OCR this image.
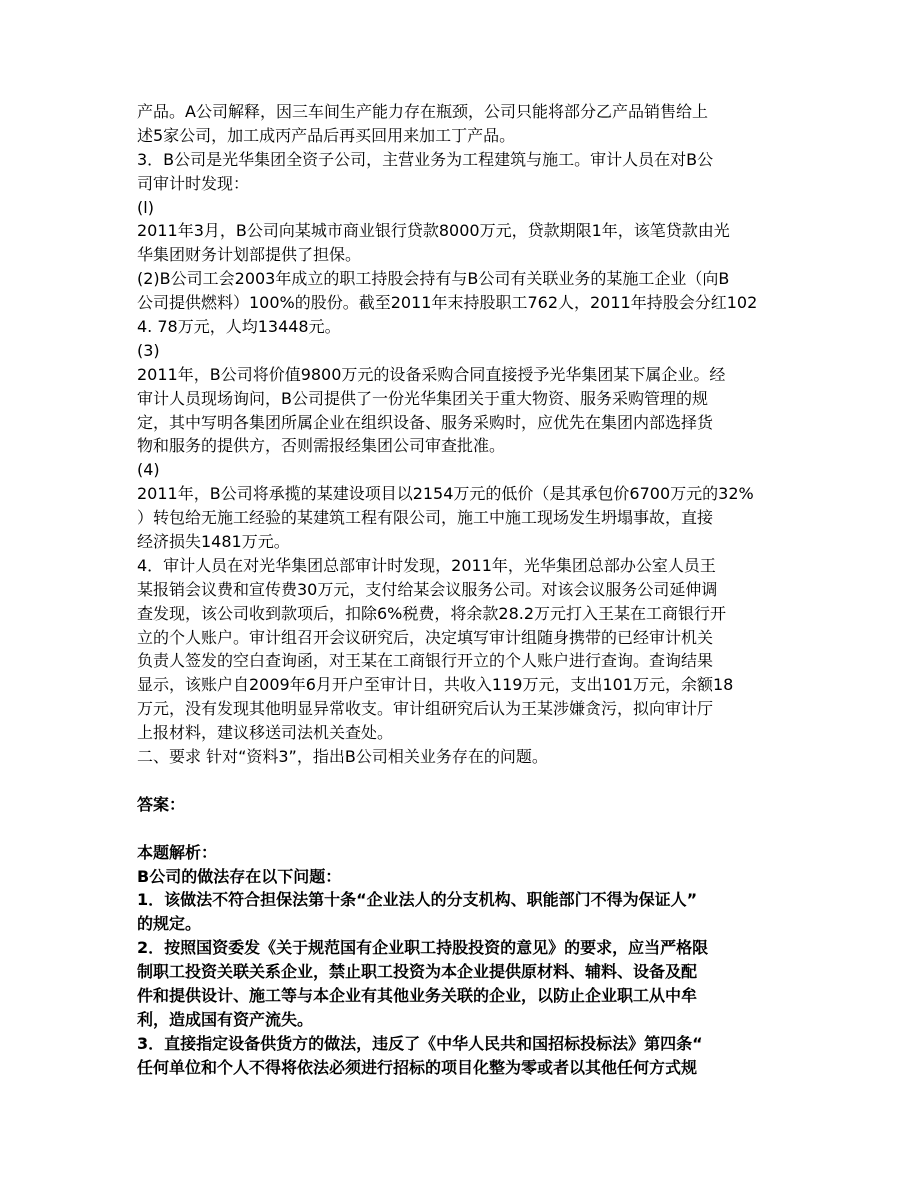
产品。A公司解释，因三车间生产能力存在瓶颈，公司只能将部分乙产品销售给上
述5家公司，加工成丙产品后再买回用来加工丁产品。
3．B公司是光华集团全资子公司，主营业务为工程建筑与施工。审计人员在对B公
司审计时发现：
(l)
2011年3月，B公司向某城市商业银行贷款8000万元，贷款期限1年，该笔贷款由光
华集团财务计划部提供了担保。
(2)B公司工会2003年成立的职工持股会持有与B公司有关联业务的某施工企业（向B
公司提供燃料）100%的股份。截至2011年末持股职工762人，2011年持股会分红102
4. 78万元，人均13448元。
(3)
2011年，B公司将价值9800万元的设备采购合同直接授予光华集团某下属企业。经
审计人员现场询问，B公司提供了一份光华集团关于重大物资、服务采购管理的规
定，其中写明各集团所属企业在组织设备、服务采购时，应优先在集团内部选择货
物和服务的提供方，否则需报经集团公司审查批准。
(4)
2011年，B公司将承揽的某建设项目以2154万元的低价（是其承包价6700万元的32%
）转包给无施工经验的某建筑工程有限公司，施工中施工现场发生坍塌事故，直接
经济损失1481万元。
4．审计人员在对光华集团总部审计时发现，2011年，光华集团总部办公室人员王
某报销会议费和宣传费30万元，支付给某会议服务公司。对该会议服务公司延伸调
查发现，该公司收到款项后，扣除6%税费，将余款28.2万元打入王某在工商银行开
立的个人账户。审计组召开会议研究后，决定填写审计组随身携带的已经审计机关
负责人签发的空白查询函，对王某在工商银行开立的个人账户进行查询。查询结果
显示，该账户自2009年6月开户至审计日，共收入119万元，支出101万元，余额18
万元，没有发现其他明显异常收支。审计组研究后认为王某涉嫌贪污，拟向审计厅
上报材料，建议移送司法机关查处。
二、要求 针对“资料3”，指出B公司相关业务存在的问题。
答案：
本题解析：
B公司的做法存在以下问题：
1．该做法不符合担保法第十条“企业法人的分支机构、职能部门不得为保证人”
的规定。
2．按照国资委发《关于规范国有企业职工持股投资的意见》的要求，应当严格限
制职工投资关联关系企业，禁止职工投资为本企业提供原材料、辅料、设备及配
件和提供设计、施工等与本企业有其他业务关联的企业，以防止企业职工从中牟
利，造成国有资产流失。
3．直接指定设备供货方的做法，违反了《中华人民共和国招标投标法》第四条“
任何单位和个人不得将依法必须进行招标的项目化整为零或者以其他任何方式规
